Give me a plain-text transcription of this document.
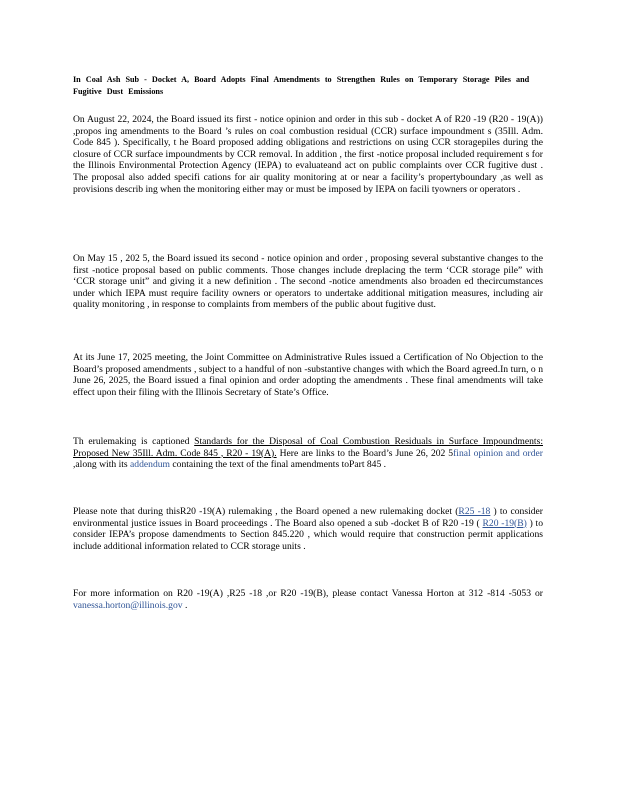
In Coal Ash Sub - Docket A, Board Adopts Final Amendments to Strengthen Rules on Temporary Storage Piles and Fugitive Dust Emissions
On August 22, 2024, the Board issued its first - notice opinion and order in this sub - docket A of R20 -19 (R20 - 19(A)) ,propos ing amendments to the Board ’s rules on coal combustion residual (CCR) surface impoundment s (35Ill. Adm. Code 845 ). Specifically, t he Board proposed adding obligations and restrictions on using CCR storagepiles during the closure of CCR surface impoundments by CCR removal. In addition , the first -notice proposal included requirement s for the Illinois Environmental Protection Agency (IEPA) to evaluateand act on public complaints over CCR fugitive dust . The proposal also added specifi cations for air quality monitoring at or near a facility’s propertyboundary ,as well as provisions describ ing when the monitoring either may or must be imposed by IEPA on facili tyowners or operators .
On May 15 , 202 5, the Board issued its second - notice opinion and order , proposing several substantive changes to the first -notice proposal based on public comments. Those changes include dreplacing the term ‘CCR storage pile” with ‘CCR storage unit” and giving it a new definition . The second -notice amendments also broaden ed thecircumstances under which IEPA must require facility owners or operators to undertake additional mitigation measures, including air quality monitoring , in response to complaints from members of the public about fugitive dust.
At its June 17, 2025 meeting, the Joint Committee on Administrative Rules issued a Certification of No Objection to the Board’s proposed amendments , subject to a handful of non -substantive changes with which the Board agreed.In turn, o n June 26, 2025, the Board issued a final opinion and order adopting the amendments . These final amendments will take effect upon their filing with the Illinois Secretary of State’s Office.
Th erulemaking is captioned Standards for the Disposal of Coal Combustion Residuals in Surface Impoundments: Proposed New 35Ill. Adm. Code 845 , R20 - 19(A). Here are links to the Board’s June 26, 202 5final opinion and order ,along with its addendum containing the text of the final amendments toPart 845 .
Please note that during thisR20 -19(A) rulemaking , the Board opened a new rulemaking docket (R25 -18 ) to consider environmental justice issues in Board proceedings . The Board also opened a sub -docket B of R20 -19 ( R20 -19(B) ) to consider IEPA’s propose damendments to Section 845.220 , which would require that construction permit applications include additional information related to CCR storage units .
For more information on R20 -19(A) ,R25 -18 ,or R20 -19(B), please contact Vanessa Horton at 312 -814 -5053 or vanessa.horton@illinois.gov .
